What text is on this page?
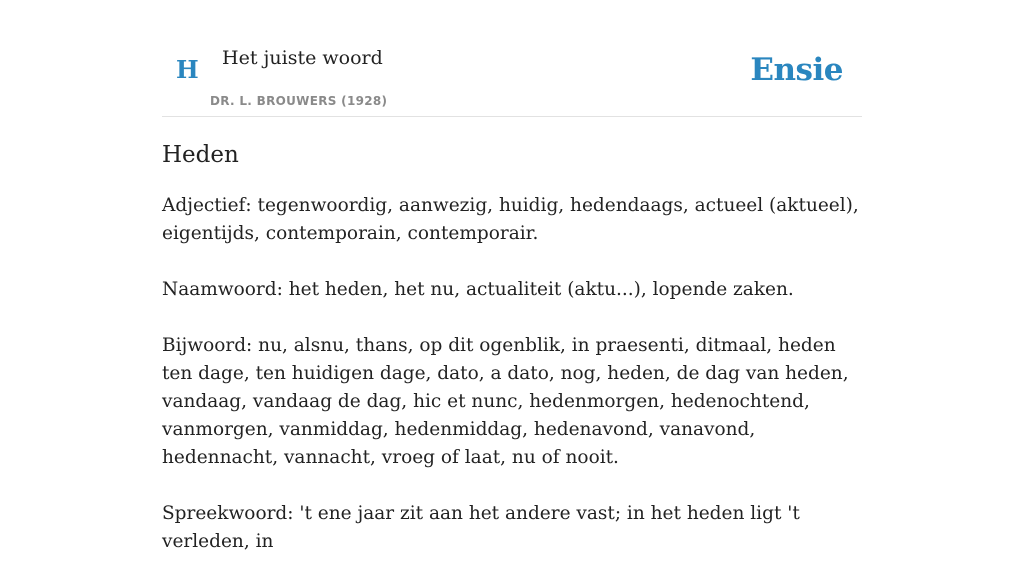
H Het juiste woord
DR. L. BROUWERS (1928)
Ensie
Heden

Adjectief: tegenwoordig, aanwezig, huidig, hedendaags, actueel (aktueel), eigentijds, contemporain, contemporair.

Naamwoord: het heden, het nu, actualiteit (aktu...), lopende zaken.

Bijwoord: nu, alsnu, thans, op dit ogenblik, in praesenti, ditmaal, heden ten dage, ten huidigen dage, dato, a dato, nog, heden, de dag van heden, vandaag, vandaag de dag, hic et nunc, hedenmorgen, hedenochtend, vanmorgen, vanmiddag, hedenmiddag, hedenavond, vanavond, hedennacht, vannacht, vroeg of laat, nu of nooit.

Spreekwoord: 't ene jaar zit aan het andere vast; in het heden ligt 't verleden, in
